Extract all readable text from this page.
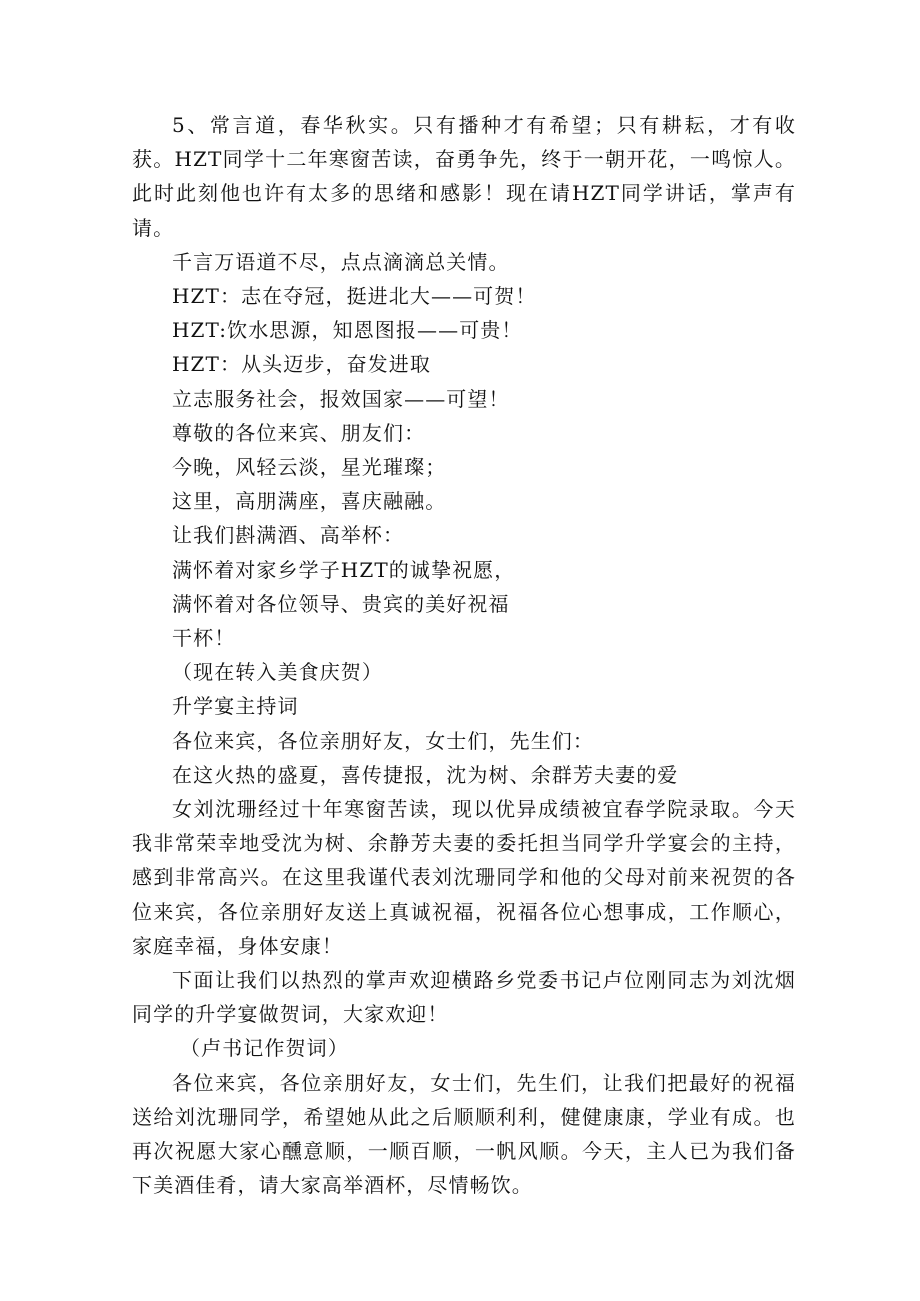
5、常言道，春华秋实。只有播种才有希望；只有耕耘，才有收获。HZT同学十二年寒窗苦读，奋勇争先，终于一朝开花，一鸣惊人。此时此刻他也许有太多的思绪和感影！现在请HZT同学讲话，掌声有请。

千言万语道不尽，点点滴滴总关情。

HZT：志在夺冠，挺进北大——可贺！

HZT:饮水思源，知恩图报——可贵！

HZT：从头迈步，奋发进取

立志服务社会，报效国家——可望！

尊敬的各位来宾、朋友们：

今晚，风轻云淡，星光璀璨；

这里，高朋满座，喜庆融融。

让我们斟满酒、高举杯：

满怀着对家乡学子HZT的诚挚祝愿，

满怀着对各位领导、贵宾的美好祝福

干杯！

（现在转入美食庆贺）

升学宴主持词

各位来宾，各位亲朋好友，女士们，先生们：

在这火热的盛夏，喜传捷报，沈为树、余群芳夫妻的爱

女刘沈珊经过十年寒窗苦读，现以优异成绩被宜春学院录取。今天我非常荣幸地受沈为树、余静芳夫妻的委托担当同学升学宴会的主持，感到非常高兴。在这里我谨代表刘沈珊同学和他的父母对前来祝贺的各位来宾，各位亲朋好友送上真诚祝福，祝福各位心想事成，工作顺心，家庭幸福，身体安康！

下面让我们以热烈的掌声欢迎横路乡党委书记卢位刚同志为刘沈烟同学的升学宴做贺词，大家欢迎！

（卢书记作贺词）

各位来宾，各位亲朋好友，女士们，先生们，让我们把最好的祝福送给刘沈珊同学，希望她从此之后顺顺利利，健健康康，学业有成。也再次祝愿大家心醺意顺，一顺百顺，一帆风顺。今天，主人已为我们备下美酒佳肴，请大家高举酒杯，尽情畅饮。
